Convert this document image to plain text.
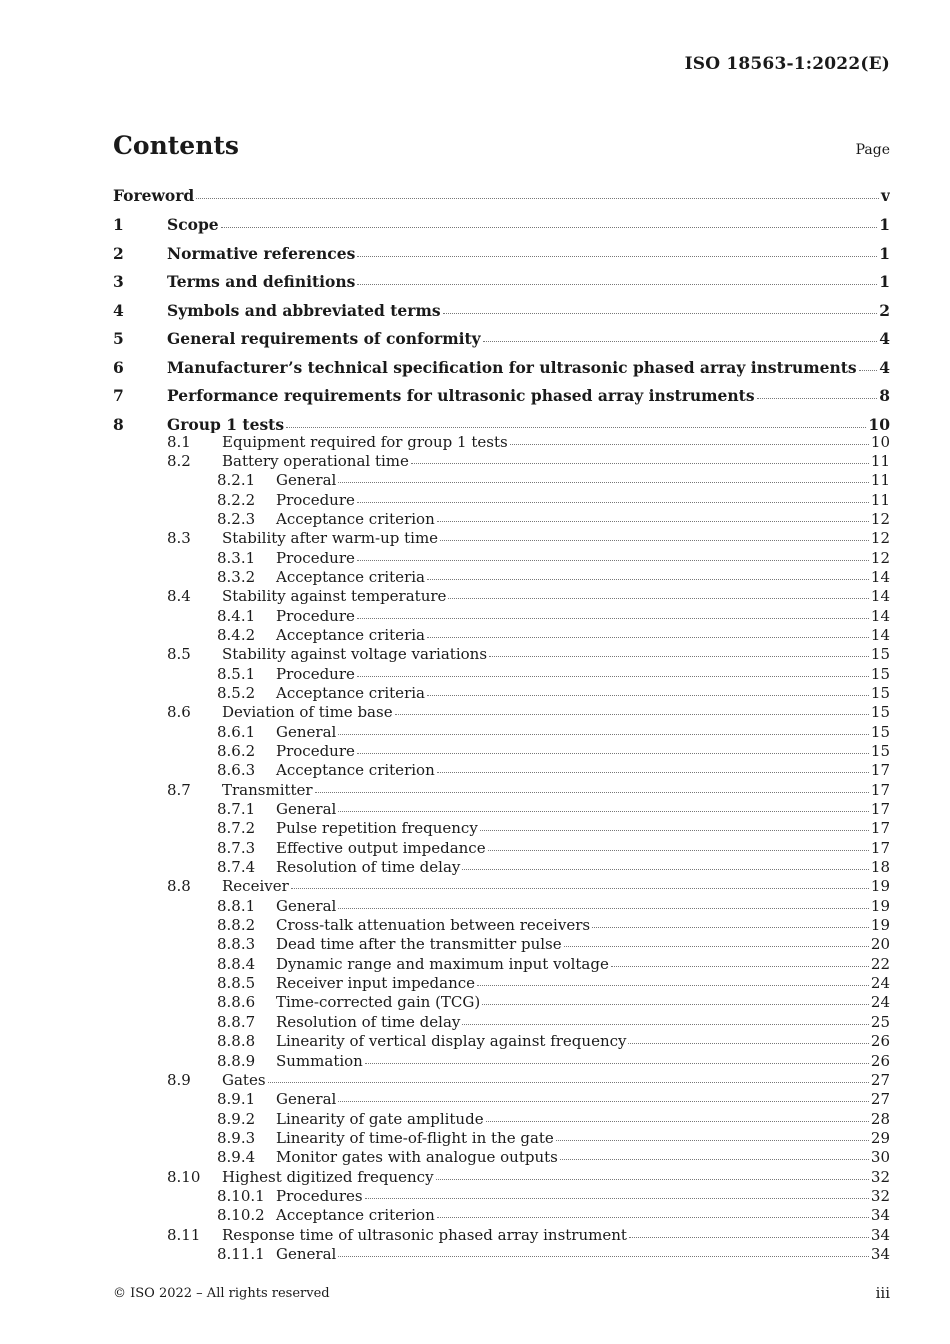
ISO 18563-1:2022(E)
Contents	Page
Foreword	v
1	Scope	1
2	Normative references	1
3	Terms and definitions	1
4	Symbols and abbreviated terms	2
5	General requirements of conformity	4
6	Manufacturer’s technical specification for ultrasonic phased array instruments 4
7	Performance requirements for ultrasonic phased array instruments	8
8	Group 1 tests	10
8.1	Equipment required for group 1 tests	10
8.2	Battery operational time	11
8.2.1	General	11
8.2.2	Procedure	11
8.2.3	Acceptance criterion	12
8.3	Stability after warm-up time	12
8.3.1	Procedure	12
8.3.2	Acceptance criteria	14
8.4	Stability against temperature	14
8.4.1	Procedure	14
8.4.2	Acceptance criteria	14
8.5	Stability against voltage variations	15
8.5.1	Procedure	15
8.5.2	Acceptance criteria	15
8.6	Deviation of time base	15
8.6.1	General	15
8.6.2	Procedure	15
8.6.3	Acceptance criterion	17
8.7	Transmitter	17
8.7.1	General	17
8.7.2	Pulse repetition frequency	17
8.7.3	Effective output impedance	17
8.7.4	Resolution of time delay	18
8.8	Receiver	19
8.8.1	General	19
8.8.2	Cross-talk attenuation between receivers	19
8.8.3	Dead time after the transmitter pulse	20
8.8.4	Dynamic range and maximum input voltage	22
8.8.5	Receiver input impedance	24
8.8.6	Time-corrected gain (TCG)	24
8.8.7	Resolution of time delay	25
8.8.8	Linearity of vertical display against frequency	26
8.8.9	Summation	26
8.9	Gates	27
8.9.1	General	27
8.9.2	Linearity of gate amplitude	28
8.9.3	Linearity of time-of-flight in the gate	29
8.9.4	Monitor gates with analogue outputs	30
8.10	Highest digitized frequency	32
8.10.1 Procedures	32
8.10.2 Acceptance criterion	34
8.11	Response time of ultrasonic phased array instrument	34
8.11.1 General	34
© ISO 2022 – All rights reserved	iii
